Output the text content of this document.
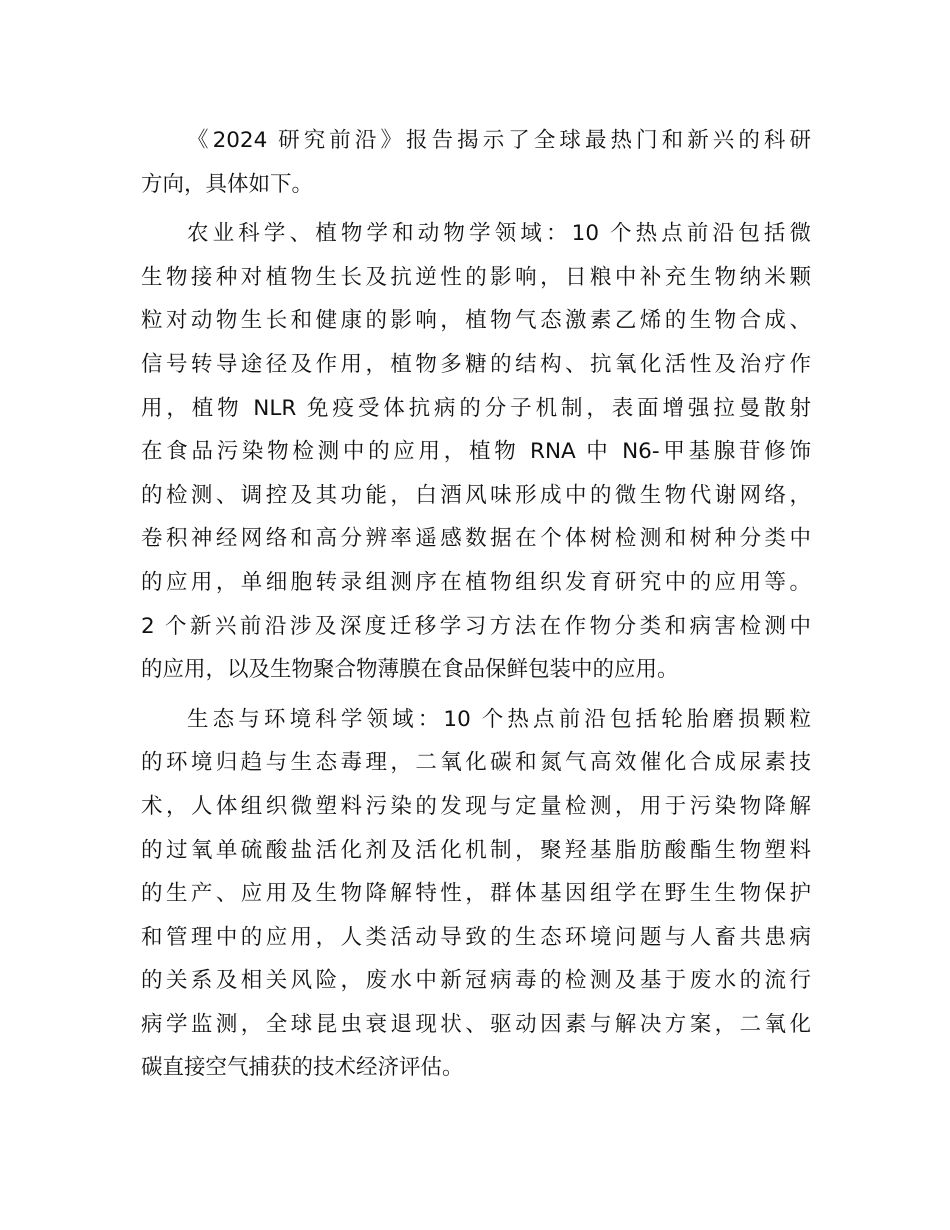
《2024 研究前沿》报告揭示了全球最热门和新兴的科研
方向，具体如下。
农业科学、植物学和动物学领域：10 个热点前沿包括微
生物接种对植物生长及抗逆性的影响，日粮中补充生物纳米颗
粒对动物生长和健康的影响，植物气态激素乙烯的生物合成、
信号转导途径及作用，植物多糖的结构、抗氧化活性及治疗作
用，植物 NLR 免疫受体抗病的分子机制，表面增强拉曼散射
在食品污染物检测中的应用，植物 RNA 中 N6-甲基腺苷修饰
的检测、调控及其功能，白酒风味形成中的微生物代谢网络，
卷积神经网络和高分辨率遥感数据在个体树检测和树种分类中
的应用，单细胞转录组测序在植物组织发育研究中的应用等。
2 个新兴前沿涉及深度迁移学习方法在作物分类和病害检测中
的应用，以及生物聚合物薄膜在食品保鲜包装中的应用。
生态与环境科学领域：10 个热点前沿包括轮胎磨损颗粒
的环境归趋与生态毒理，二氧化碳和氮气高效催化合成尿素技
术，人体组织微塑料污染的发现与定量检测，用于污染物降解
的过氧单硫酸盐活化剂及活化机制，聚羟基脂肪酸酯生物塑料
的生产、应用及生物降解特性，群体基因组学在野生生物保护
和管理中的应用，人类活动导致的生态环境问题与人畜共患病
的关系及相关风险，废水中新冠病毒的检测及基于废水的流行
病学监测，全球昆虫衰退现状、驱动因素与解决方案，二氧化
碳直接空气捕获的技术经济评估。
